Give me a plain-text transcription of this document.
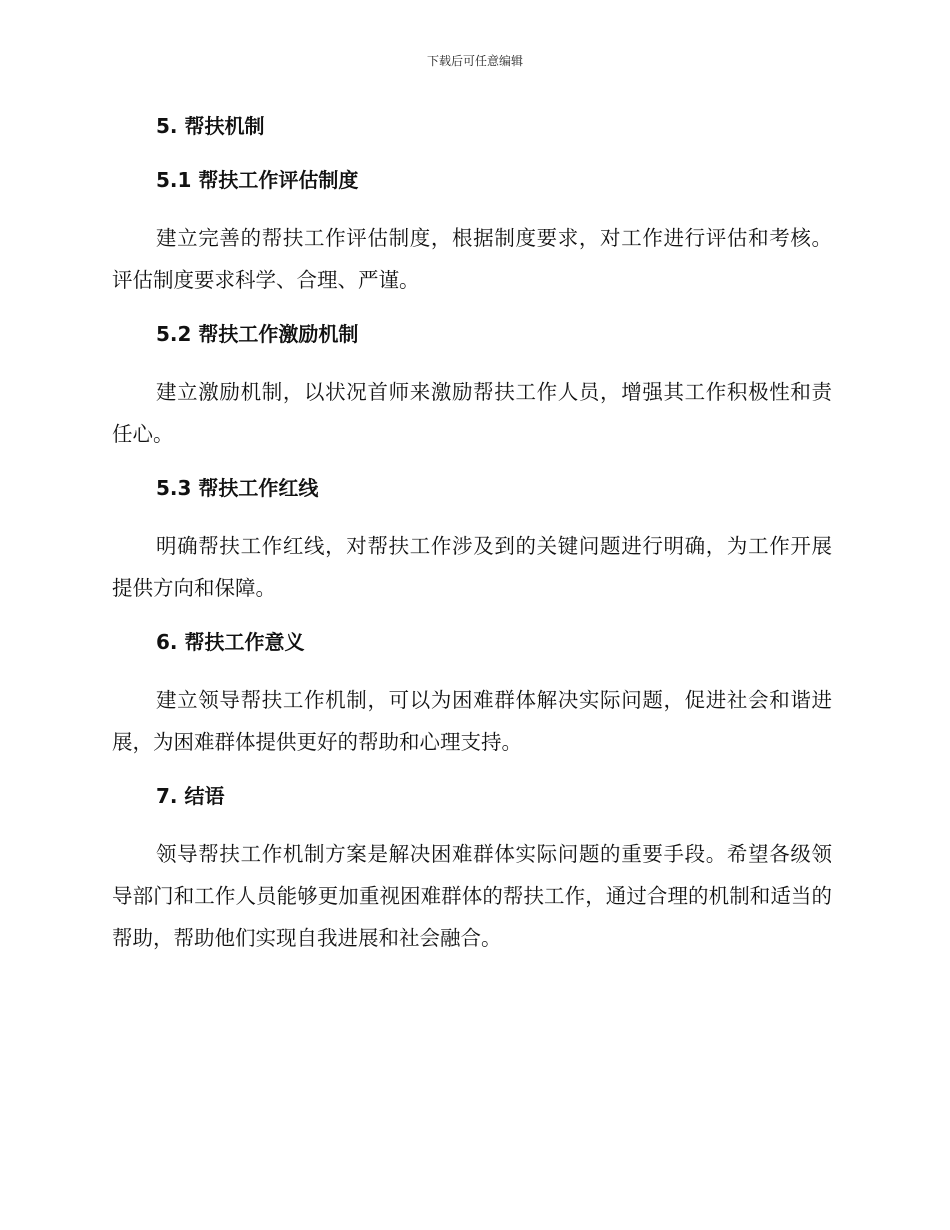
下载后可任意编辑
5. 帮扶机制
5.1 帮扶工作评估制度

建立完善的帮扶工作评估制度，根据制度要求，对工作进行评估和考核。评估制度要求科学、合理、严谨。

5.2 帮扶工作激励机制

建立激励机制，以状况首师来激励帮扶工作人员，增强其工作积极性和责任心。

5.3 帮扶工作红线

明确帮扶工作红线，对帮扶工作涉及到的关键问题进行明确，为工作开展提供方向和保障。

6. 帮扶工作意义

建立领导帮扶工作机制，可以为困难群体解决实际问题，促进社会和谐进展，为困难群体提供更好的帮助和心理支持。

7. 结语

领导帮扶工作机制方案是解决困难群体实际问题的重要手段。希望各级领导部门和工作人员能够更加重视困难群体的帮扶工作，通过合理的机制和适当的帮助，帮助他们实现自我进展和社会融合。
